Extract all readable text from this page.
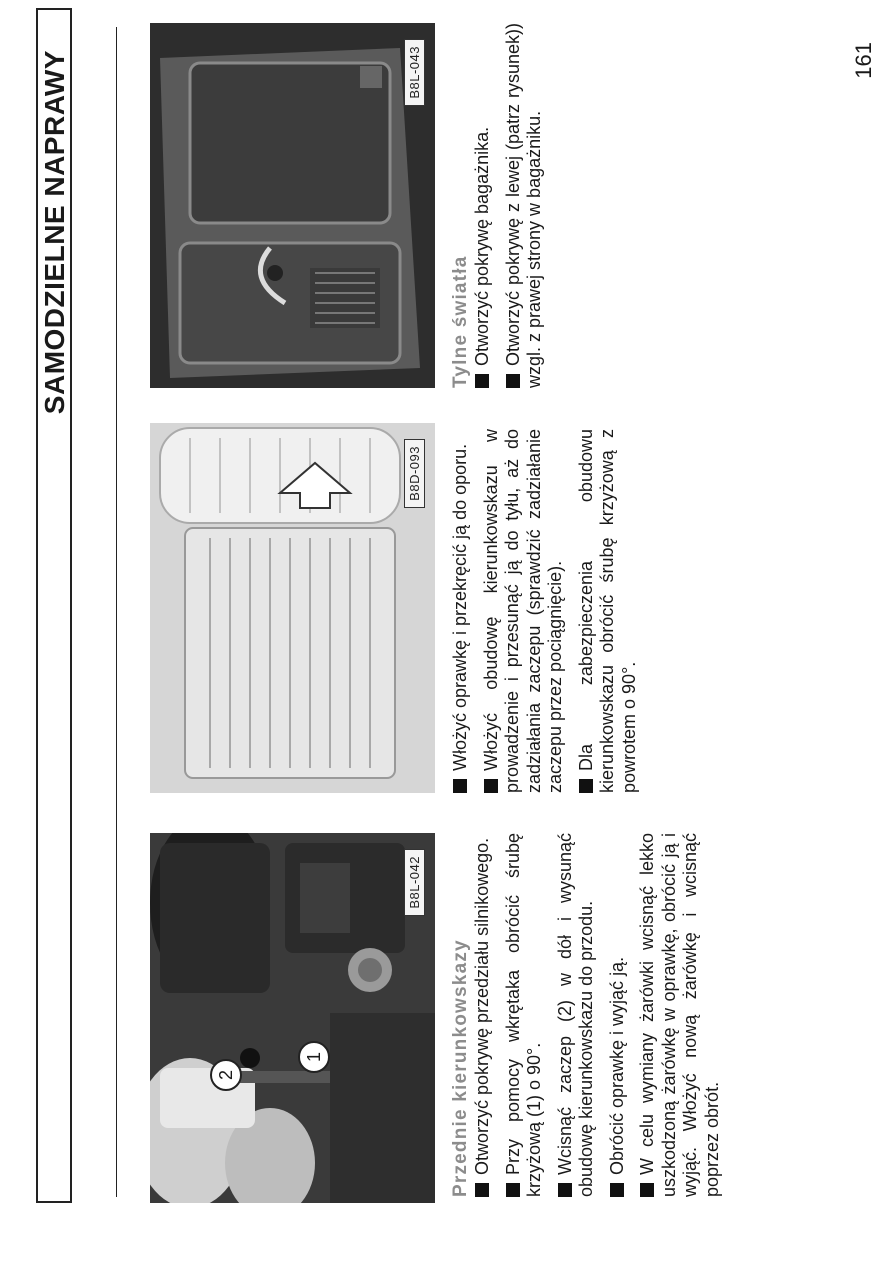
SAMODZIELNE NAPRAWY
2
1
B8L-042
B8D-093
B8L-043
Przednie kierunkowskazy Otworzyć pokrywę przedziału silnikowego. Przy pomocy wkrętaka obrócić śrubę krzyżową (1) o 90°. Wcisnąć zaczep (2) w dół i wysunąć obudowę kierunkowskazu do przodu. Obrócić oprawkę i wyjąć ją. W celu wymiany żarówki wcisnąć lekko uszkodzoną żarówkę w oprawkę, obrócić ją i wyjąć. Włożyć nową żarówkę i wcisnąć poprzez obrót.

Włożyć oprawkę i przekręcić ją do oporu. Włożyć obudowę kierunkowskazu w prowadzenie i przesunąć ją do tyłu, aż do zadziałania zaczepu (sprawdzić zadziałanie zaczepu przez pociągnięcie). Dla zabezpieczenia obudowu kierunkowskazu obrócić śrubę krzyżową z powrotem o 90°.

Tylne światła Otworzyć pokrywę bagażnika. Otworzyć pokrywę z lewej (patrz rysunek)) wzgl. z prawej strony w bagażniku.

161
